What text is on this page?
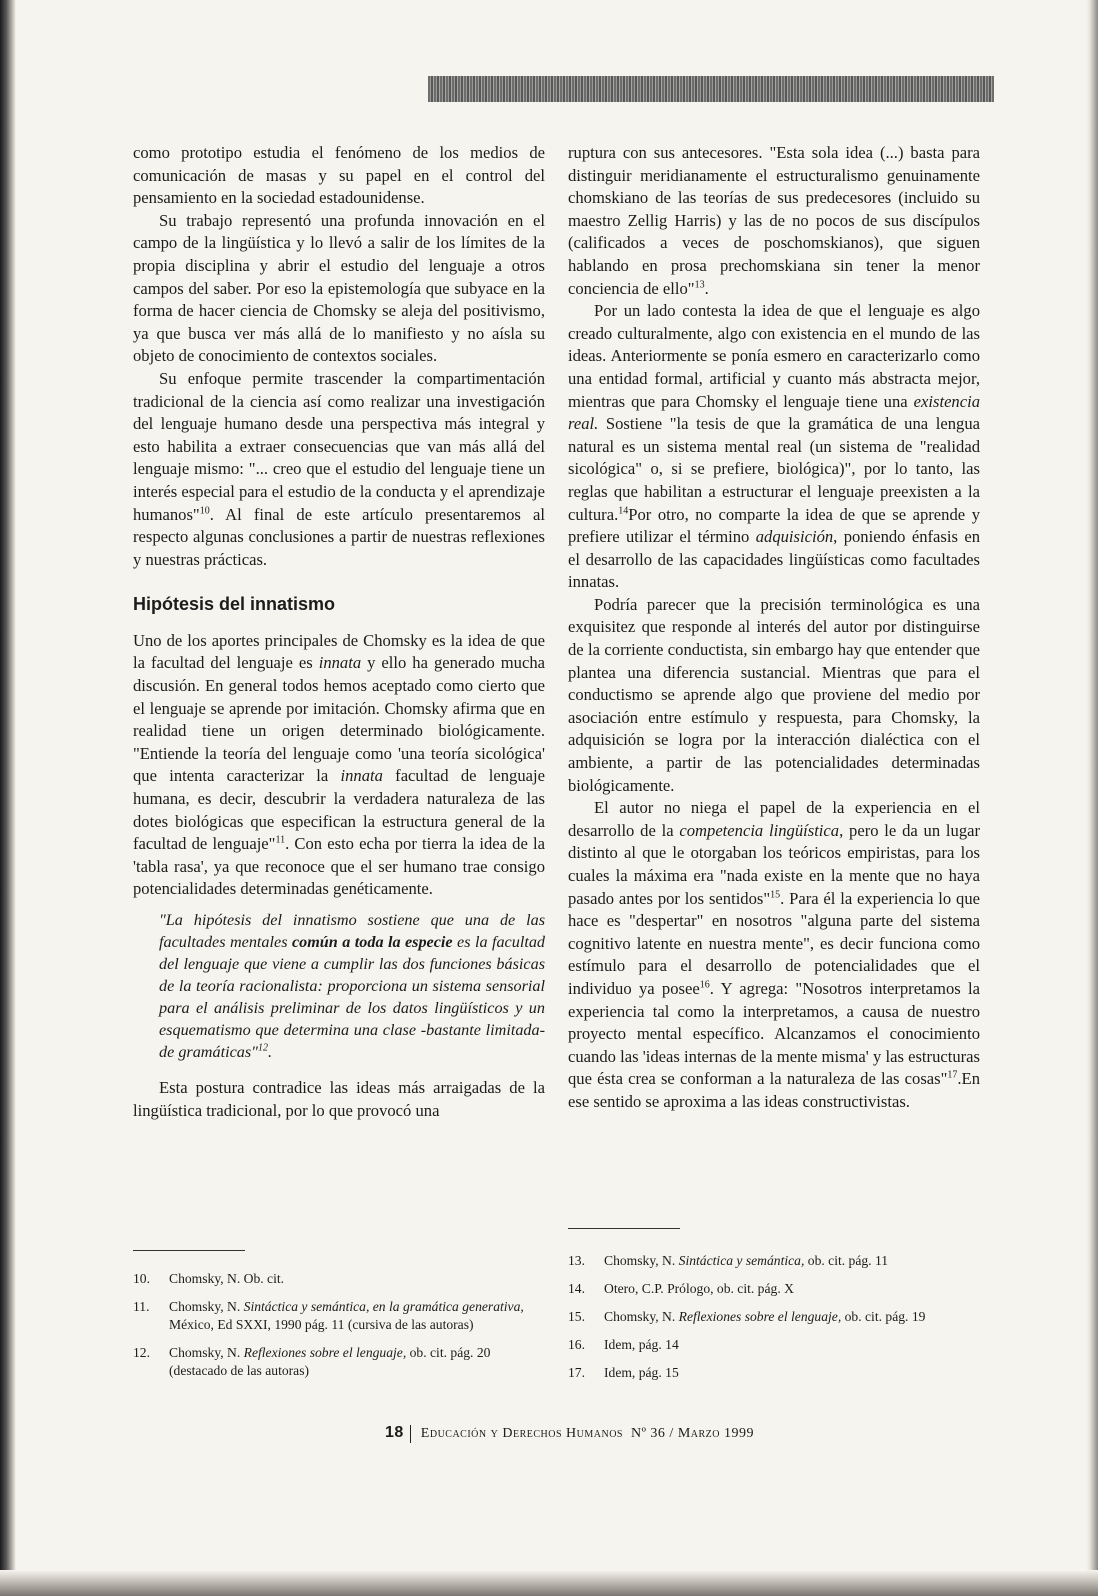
como prototipo estudia el fenómeno de los medios de comunicación de masas y su papel en el control del pensamiento en la sociedad estadounidense.

Su trabajo representó una profunda innovación en el campo de la lingüística y lo llevó a salir de los límites de la propia disciplina y abrir el estudio del lenguaje a otros campos del saber. Por eso la epistemología que subyace en la forma de hacer ciencia de Chomsky se aleja del positivismo, ya que busca ver más allá de lo manifiesto y no aísla su objeto de conocimiento de contextos sociales.

Su enfoque permite trascender la compartimentación tradicional de la ciencia así como realizar una investigación del lenguaje humano desde una perspectiva más integral y esto habilita a extraer consecuencias que van más allá del lenguaje mismo: "... creo que el estudio del lenguaje tiene un interés especial para el estudio de la conducta y el aprendizaje humanos"$^{10}$. Al final de este artículo presentaremos al respecto algunas conclusiones a partir de nuestras reflexiones y nuestras prácticas.

Hipótesis del innatismo

Uno de los aportes principales de Chomsky es la idea de que la facultad del lenguaje es innata y ello ha generado mucha discusión. En general todos hemos aceptado como cierto que el lenguaje se aprende por imitación. Chomsky afirma que en realidad tiene un origen determinado biológicamente. "Entiende la teoría del lenguaje como 'una teoría sicológica' que intenta caracterizar la innata facultad de lenguaje humana, es decir, descubrir la verdadera naturaleza de las dotes biológicas que especifican la estructura general de la facultad de lenguaje"$^{11}$. Con esto echa por tierra la idea de la 'tabla rasa', ya que reconoce que el ser humano trae consigo potencialidades determinadas genéticamente.

"La hipótesis del innatismo sostiene que una de las facultades mentales común a toda la especie es la facultad del lenguaje que viene a cumplir las dos funciones básicas de la teoría racionalista: proporciona un sistema sensorial para el análisis preliminar de los datos lingüísticos y un esquematismo que determina una clase -bastante limitada- de gramáticas"$^{12}$.

Esta postura contradice las ideas más arraigadas de la lingüística tradicional, por lo que provocó una

ruptura con sus antecesores. "Esta sola idea (...) basta para distinguir meridianamente el estructuralismo genuinamente chomskiano de las teorías de sus predecesores (incluido su maestro Zellig Harris) y las de no pocos de sus discípulos (calificados a veces de poschomskianos), que siguen hablando en prosa prechomskiana sin tener la menor conciencia de ello"$^{13}$.

Por un lado contesta la idea de que el lenguaje es algo creado culturalmente, algo con existencia en el mundo de las ideas. Anteriormente se ponía esmero en caracterizarlo como una entidad formal, artificial y cuanto más abstracta mejor, mientras que para Chomsky el lenguaje tiene una existencia real. Sostiene "la tesis de que la gramática de una lengua natural es un sistema mental real (un sistema de "realidad sicológica" o, si se prefiere, biológica)", por lo tanto, las reglas que habilitan a estructurar el lenguaje preexisten a la cultura.$^{14}$Por otro, no comparte la idea de que se aprende y prefiere utilizar el término adquisición, poniendo énfasis en el desarrollo de las capacidades lingüísticas como facultades innatas.

Podría parecer que la precisión terminológica es una exquisitez que responde al interés del autor por distinguirse de la corriente conductista, sin embargo hay que entender que plantea una diferencia sustancial. Mientras que para el conductismo se aprende algo que proviene del medio por asociación entre estímulo y respuesta, para Chomsky, la adquisición se logra por la interacción dialéctica con el ambiente, a partir de las potencialidades determinadas biológicamente.

El autor no niega el papel de la experiencia en el desarrollo de la competencia lingüística, pero le da un lugar distinto al que le otorgaban los teóricos empiristas, para los cuales la máxima era "nada existe en la mente que no haya pasado antes por los sentidos"$^{15}$. Para él la experiencia lo que hace es "despertar" en nosotros "alguna parte del sistema cognitivo latente en nuestra mente", es decir funciona como estímulo para el desarrollo de potencialidades que el individuo ya posee$^{16}$. Y agrega: "Nosotros interpretamos la experiencia tal como la interpretamos, a causa de nuestro proyecto mental específico. Alcanzamos el conocimiento cuando las 'ideas internas de la mente misma' y las estructuras que ésta crea se conforman a la naturaleza de las cosas"$^{17}$.En ese sentido se aproxima a las ideas constructivistas.

10.	Chomsky, N. Ob. cit.
11.	Chomsky, N. Sintáctica y semántica, en la gramática generativa, México, Ed SXXI, 1990 pág. 11 (cursiva de las autoras)
12.	Chomsky, N. Reflexiones sobre el lenguaje, ob. cit. pág. 20 (destacado de las autoras)
13.	Chomsky, N. Sintáctica y semántica, ob. cit. pág. 11
14.	Otero, C.P. Prólogo, ob. cit. pág. X
15.	Chomsky, N. Reflexiones sobre el lenguaje, ob. cit. pág. 19
16.	Idem, pág. 14
17.	Idem, pág. 15
18 Educación y Derechos Humanos Nº 36 / Marzo 1999
